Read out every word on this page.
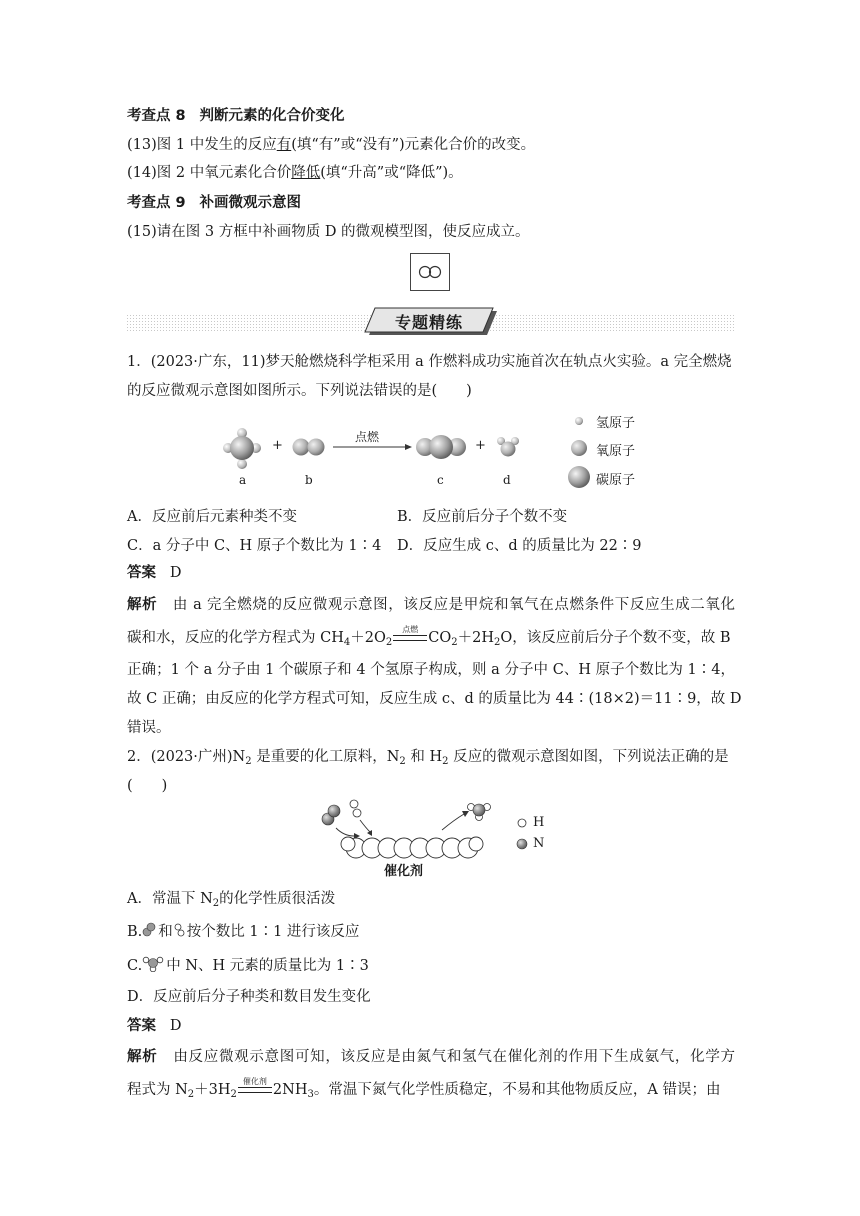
考查点 8 判断元素的化合价变化
(13)图 1 中发生的反应有(填“有”或“没有”)元素化合价的改变。
(14)图 2 中氧元素化合价降低(填“升高”或“降低”)。
考查点 9 补画微观示意图
(15)请在图 3 方框中补画物质 D 的微观模型图，使反应成立。
专题精练
1．(2023·广东，11)梦天舱燃烧科学柜采用 a 作燃料成功实施首次在轨点火实验。a 完全燃烧
的反应微观示意图如图所示。下列说法错误的是(　　)
+	+
点燃
a	b	c	d
氢原子
氧原子
碳原子
A．反应前后元素种类不变	B．反应前后分子个数不变
C．a 分子中 C、H 原子个数比为 1∶4 D．反应生成 c、d 的质量比为 22∶9
答案 D
解析 由 a 完全燃烧的反应微观示意图，该反应是甲烷和氧气在点燃条件下反应生成二氧化
碳和水，反应的化学方程式为 $CH_4+2O_2$
点燃
$CO_2+2H_2O$，该反应前后分子个数不变，故 B
正确；1 个 a 分子由 1 个碳原子和 4 个氢原子构成，则 a 分子中 C、H 原子个数比为 1∶4，
故 C 正确；由反应的化学方程式可知，反应生成 c、d 的质量比为 44∶(18×2)＝11∶9，故 D
错误。
2．(2023·广州)$N_2$ 是重要的化工原料，$N_2$ 和 $H_2$ 反应的微观示意图如图，下列说法正确的是
(　　)
H
N
催化剂
A．常温下 $N_2$的化学性质很活泼
B. 和 按个数比 1∶1 进行该反应
C. 中 N、H 元素的质量比为 1∶3
D．反应前后分子种类和数目发生变化
答案 D
解析 由反应微观示意图可知，该反应是由氮气和氢气在催化剂的作用下生成氨气，化学方
程式为 $N_2+3H_2$
催化剂
$2NH_3$。常温下氮气化学性质稳定，不易和其他物质反应，A 错误；由
